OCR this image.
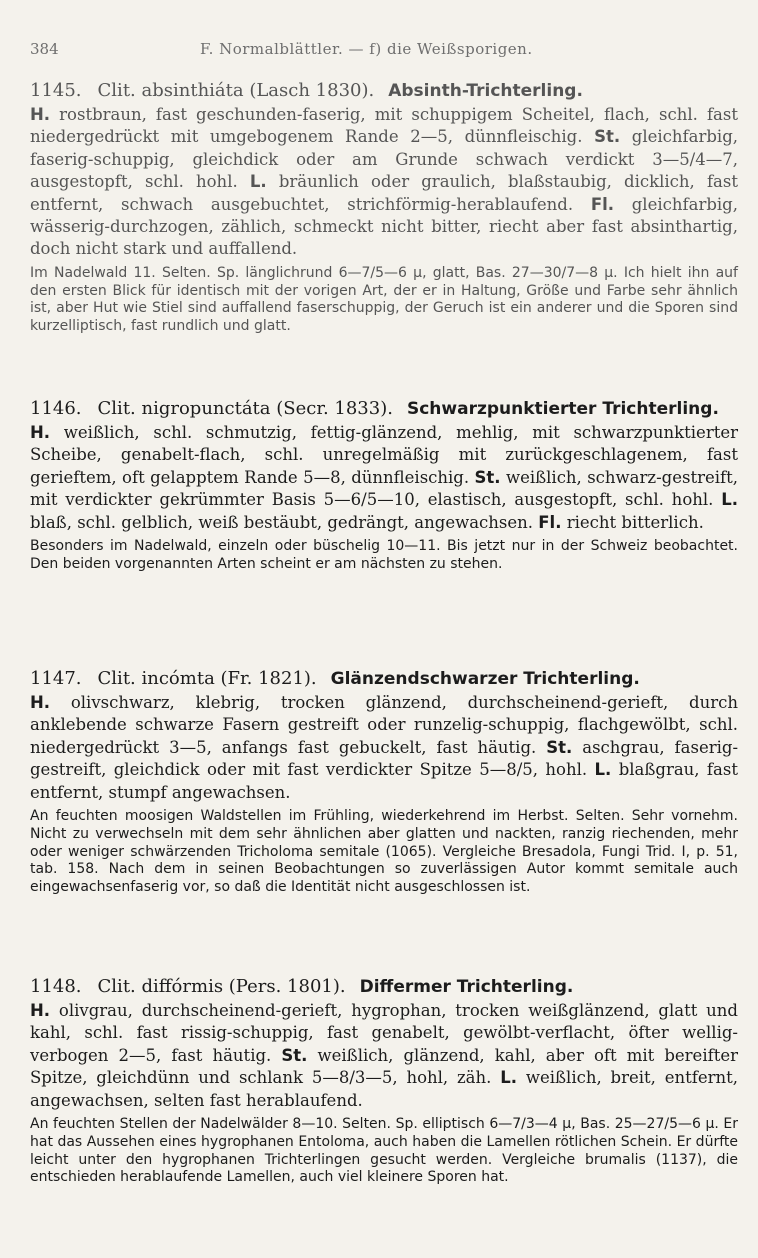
384	F. Normalblättler. — f) die Weißsporigen.
1145. Clit. absinthiáta (Lasch 1830). Absinth-Trichterling.
H. rostbraun, fast geschunden-faserig, mit schuppigem Scheitel, flach, schl. fast niedergedrückt mit umgebogenem Rande 2—5, dünnfleischig. St. gleichfarbig, faserig-schuppig, gleichdick oder am Grunde schwach verdickt 3—5/4—7, ausgestopft, schl. hohl. L. bräunlich oder graulich, blaßstaubig, dicklich, fast entfernt, schwach ausgebuchtet, strichförmig-herablaufend. Fl. gleichfarbig, wässerig-durchzogen, zählich, schmeckt nicht bitter, riecht aber fast absinthartig, doch nicht stark und auffallend.
Im Nadelwald 11. Selten. Sp. länglichrund 6—7/5—6 µ, glatt, Bas. 27—30/7—8 µ. Ich hielt ihn auf den ersten Blick für identisch mit der vorigen Art, der er in Haltung, Größe und Farbe sehr ähnlich ist, aber Hut wie Stiel sind auffallend faserschuppig, der Geruch ist ein anderer und die Sporen sind kurzelliptisch, fast rundlich und glatt.
1146. Clit. nigropunctáta (Secr. 1833). Schwarzpunktierter Trichterling.
H. weißlich, schl. schmutzig, fettig-glänzend, mehlig, mit schwarzpunktierter Scheibe, genabelt-flach, schl. unregelmäßig mit zurückgeschlagenem, fast gerieftem, oft gelapptem Rande 5—8, dünnfleischig. St. weißlich, schwarz-gestreift, mit verdickter gekrümmter Basis 5—6/5—10, elastisch, ausgestopft, schl. hohl. L. blaß, schl. gelblich, weiß bestäubt, gedrängt, angewachsen. Fl. riecht bitterlich.
Besonders im Nadelwald, einzeln oder büschelig 10—11. Bis jetzt nur in der Schweiz beobachtet. Den beiden vorgenannten Arten scheint er am nächsten zu stehen.
1147. Clit. incómta (Fr. 1821). Glänzendschwarzer Trichterling.
H. olivschwarz, klebrig, trocken glänzend, durchscheinend-gerieft, durch anklebende schwarze Fasern gestreift oder runzelig-schuppig, flachgewölbt, schl. niedergedrückt 3—5, anfangs fast gebuckelt, fast häutig. St. aschgrau, faserig-gestreift, gleichdick oder mit fast verdickter Spitze 5—8/5, hohl. L. blaßgrau, fast entfernt, stumpf angewachsen.
An feuchten moosigen Waldstellen im Frühling, wiederkehrend im Herbst. Selten. Sehr vornehm. Nicht zu verwechseln mit dem sehr ähnlichen aber glatten und nackten, ranzig riechenden, mehr oder weniger schwärzenden Tricholoma semitale (1065). Vergleiche Bresadola, Fungi Trid. I, p. 51, tab. 158. Nach dem in seinen Beobachtungen so zuverlässigen Autor kommt semitale auch eingewachsenfaserig vor, so daß die Identität nicht ausgeschlossen ist.
1148. Clit. diffórmis (Pers. 1801). Differmer Trichterling.
H. olivgrau, durchscheinend-gerieft, hygrophan, trocken weißglänzend, glatt und kahl, schl. fast rissig-schuppig, fast genabelt, gewölbt-verflacht, öfter wellig-verbogen 2—5, fast häutig. St. weißlich, glänzend, kahl, aber oft mit bereifter Spitze, gleichdünn und schlank 5—8/3—5, hohl, zäh. L. weißlich, breit, entfernt, angewachsen, selten fast herablaufend.
An feuchten Stellen der Nadelwälder 8—10. Selten. Sp. elliptisch 6—7/3—4 µ, Bas. 25—27/5—6 µ. Er hat das Aussehen eines hygrophanen Entoloma, auch haben die Lamellen rötlichen Schein. Er dürfte leicht unter den hygrophanen Trichterlingen gesucht werden. Vergleiche brumalis (1137), die entschieden herablaufende Lamellen, auch viel kleinere Sporen hat.
